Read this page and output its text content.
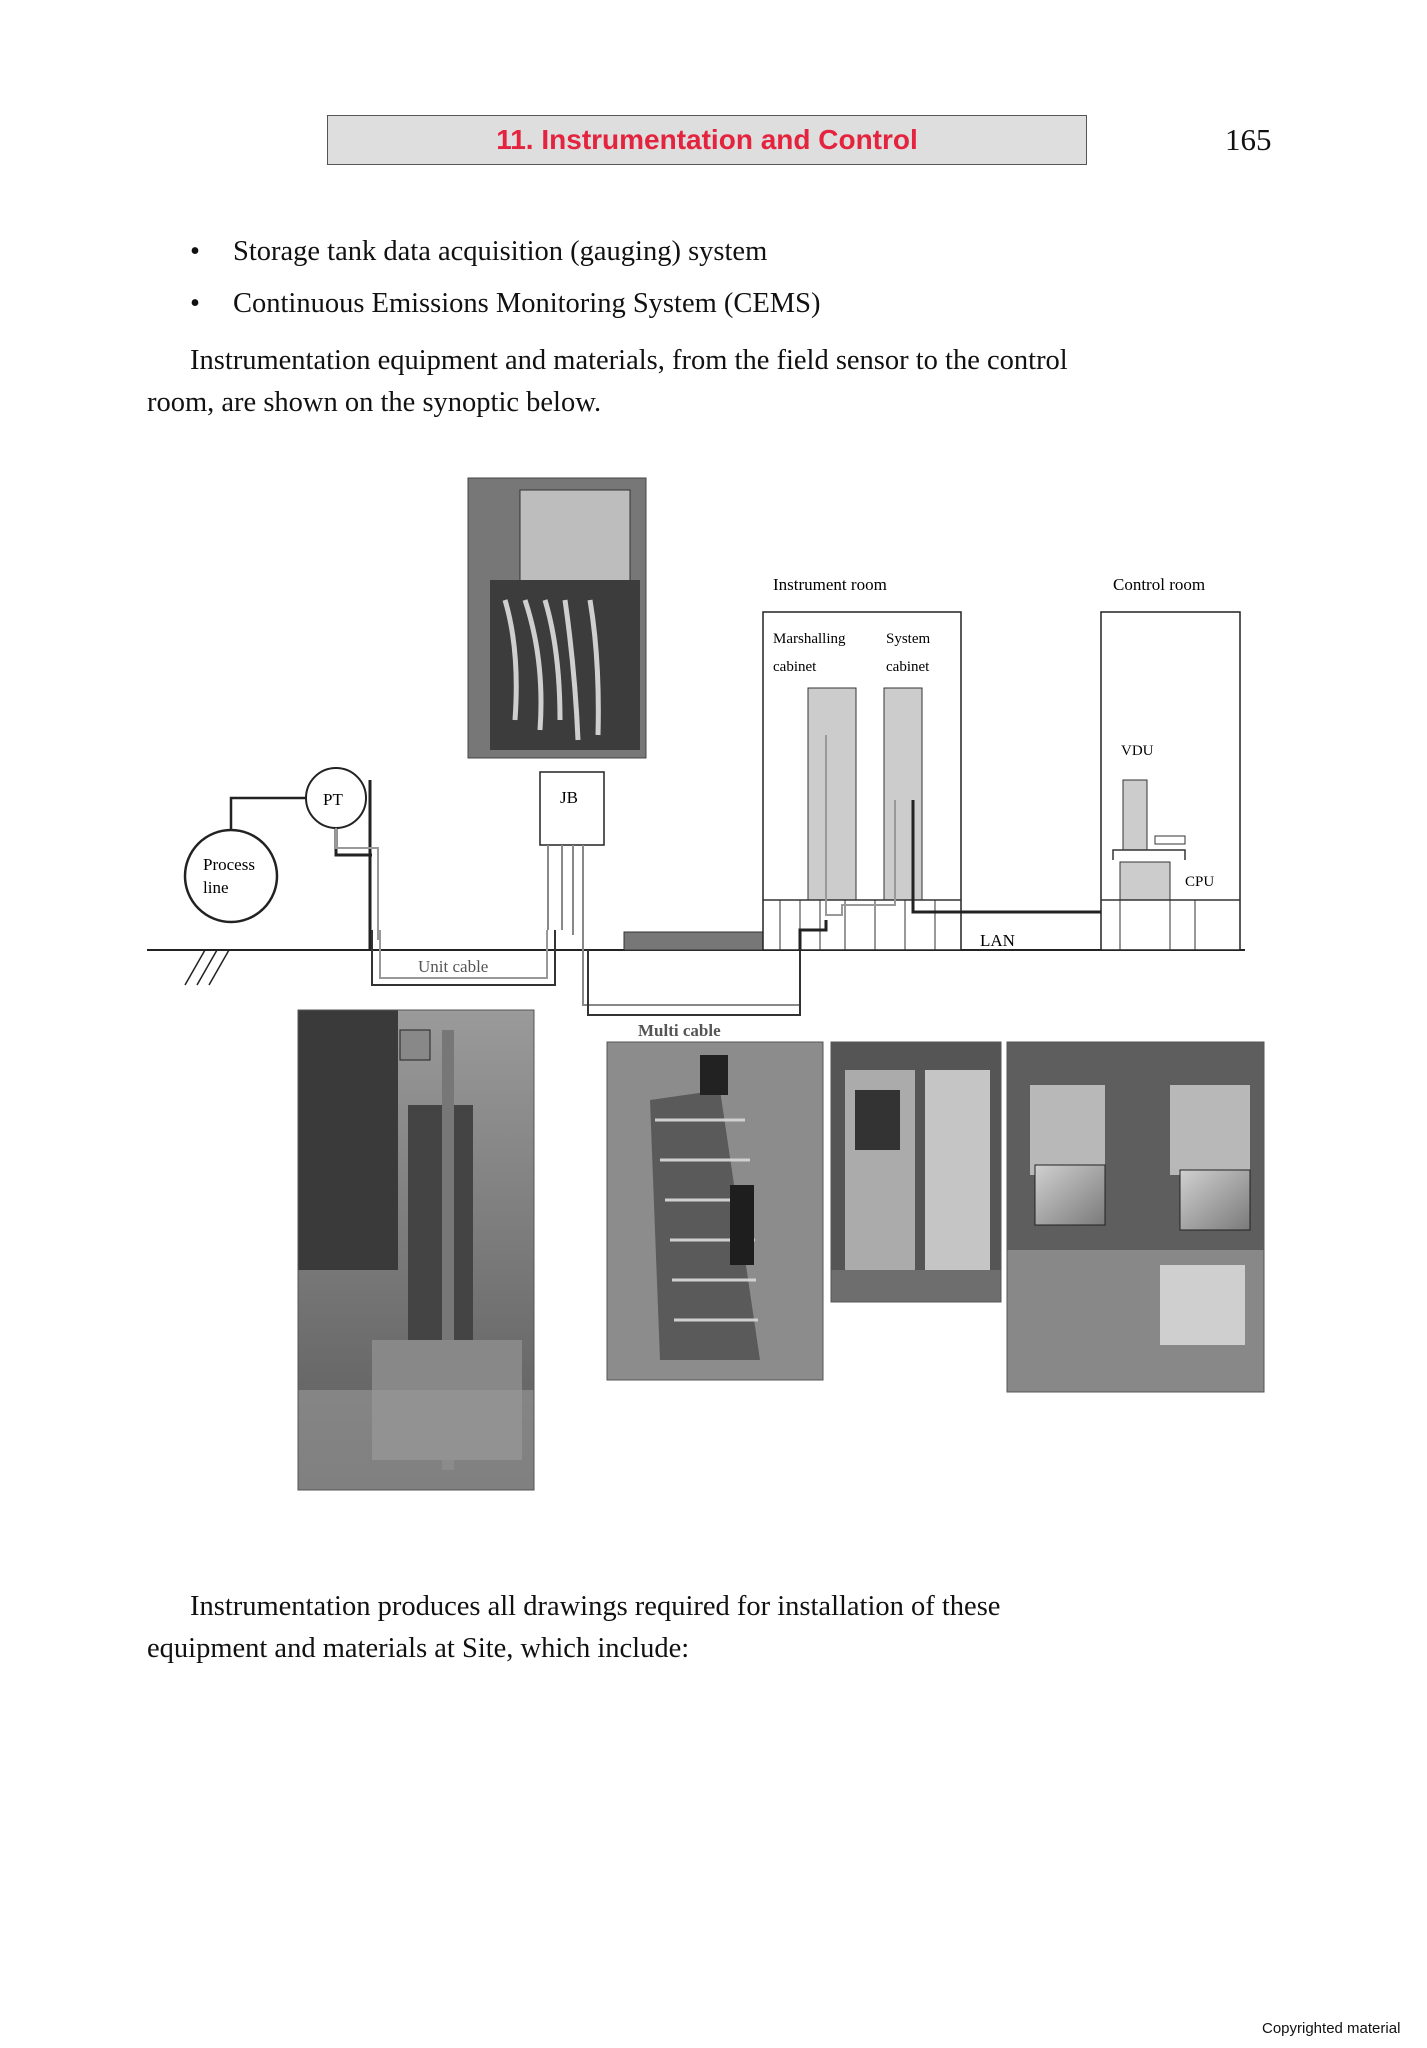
11. Instrumentation and Control	165
•	Storage tank data acquisition (gauging) system
•	Continuous Emissions Monitoring System (CEMS)

Instrumentation equipment and materials, from the field sensor to the control
room, are shown on the synoptic below.

Process
line
PT
Unit cable
JB
Multi cable
Instrument room
Marshalling
cabinet
System
cabinet
LAN
Control room
VDU
CPU

Instrumentation produces all drawings required for installation of these
equipment and materials at Site, which include:

Copyrighted material
